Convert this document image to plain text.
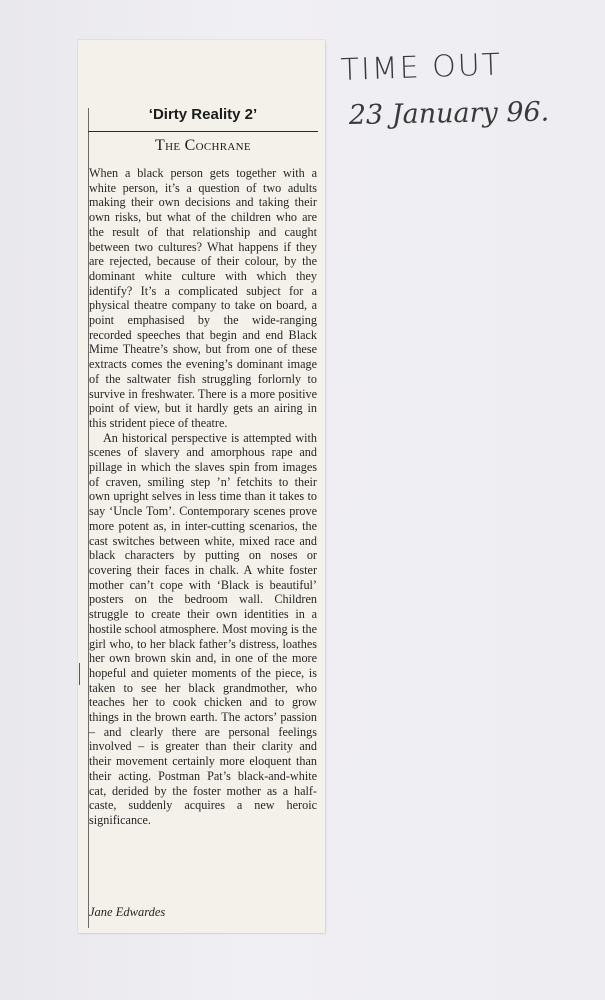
‘Dirty Reality 2’
The Cochrane

When a black person gets together with a white person, it’s a question of two adults making their own decisions and taking their own risks, but what of the children who are the result of that relationship and caught between two cultures? What happens if they are rejected, because of their colour, by the dominant white culture with which they identify? It’s a complicated subject for a physical theatre company to take on board, a point emphasised by the wide-ranging recorded speeches that begin and end Black Mime Theatre’s show, but from one of these extracts comes the evening’s dominant image of the saltwater fish struggling forlornly to survive in freshwater. There is a more positive point of view, but it hardly gets an airing in this strident piece of theatre.

An historical perspective is attempted with scenes of slavery and amorphous rape and pillage in which the slaves spin from images of craven, smiling step ’n’ fetchits to their own upright selves in less time than it takes to say ‘Uncle Tom’. Contemporary scenes prove more potent as, in inter-cutting scenarios, the cast switches between white, mixed race and black characters by putting on noses or covering their faces in chalk. A white foster mother can’t cope with ‘Black is beautiful’ posters on the bedroom wall. Children struggle to create their own identities in a hostile school atmosphere. Most moving is the girl who, to her black father’s distress, loathes her own brown skin and, in one of the more hopeful and quieter moments of the piece, is taken to see her black grandmother, who teaches her to cook chicken and to grow things in the brown earth. The actors’ passion – and clearly there are personal feelings involved – is greater than their clarity and their movement certainly more eloquent than their acting. Postman Pat’s black-and-white cat, derided by the foster mother as a half-caste, suddenly acquires a new heroic significance.

Jane Edwardes
TIME OUT
23 January 96.
